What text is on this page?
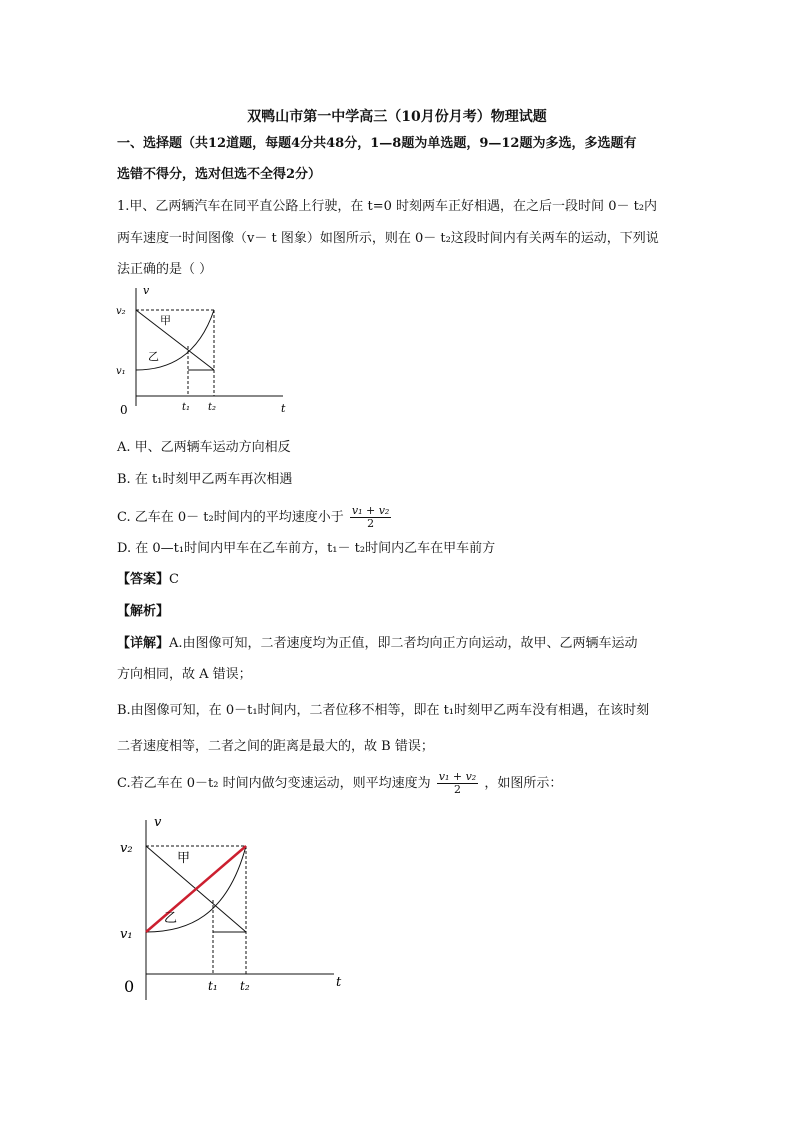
双鸭山市第一中学高三（10月份月考）物理试题
一、选择题（共12道题，每题4分共48分，1—8题为单选题，9—12题为多选，多选题有
选错不得分，选对但选不全得2分）
1.甲、乙两辆汽车在同平直公路上行驶，在 t=0 时刻两车正好相遇，在之后一段时间 0－ t₂内
两车速度一时间图像（v－ t 图象）如图所示，则在 0－ t₂这段时间内有关两车的运动，下列说
法正确的是（ ）
v
v₂
v₁
甲
乙
t₁ t₂
0	t
A. 甲、乙两辆车运动方向相反
B. 在 t₁时刻甲乙两车再次相遇
C. 乙车在 0－ t₂时间内的平均速度小于 $\frac{\text{v₁ + v₂}}{2}$
D. 在 0—t₁时间内甲车在乙车前方，t₁－ t₂时间内乙车在甲车前方
【答案】C
【解析】
【详解】A.由图像可知，二者速度均为正值，即二者均向正方向运动，故甲、乙两辆车运动
方向相同，故 A 错误；
B.由图像可知，在 0－t₁时间内，二者位移不相等，即在 t₁时刻甲乙两车没有相遇，在该时刻
二者速度相等，二者之间的距离是最大的，故 B 错误；
C.若乙车在 0－t₂ 时间内做匀变速运动，则平均速度为 $\frac{\text{v₁ + v₂}}{2}$ ，如图所示：
v
v₂
v₁
甲
乙
t₁ t₂
0	t
